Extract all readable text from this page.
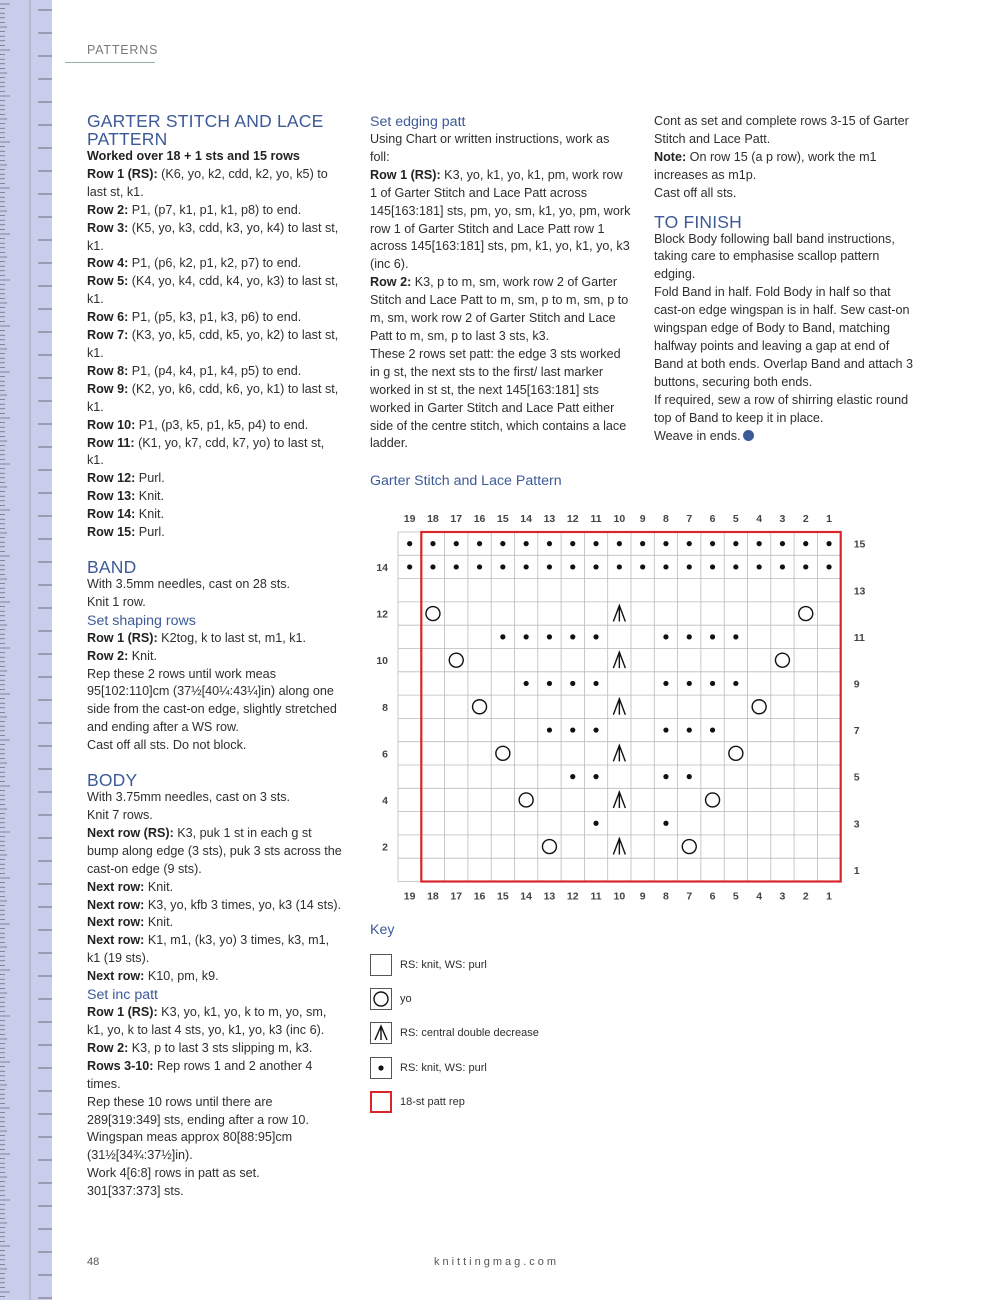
PATTERNS

GARTER STITCH AND LACE PATTERN

Worked over 18 + 1 sts and 15 rows

Row 1 (RS): (K6, yo, k2, cdd, k2, yo, k5) to last st, k1.

Row 2: P1, (p7, k1, p1, k1, p8) to end.

Row 3: (K5, yo, k3, cdd, k3, yo, k4) to last st, k1.

Row 4: P1, (p6, k2, p1, k2, p7) to end.

Row 5: (K4, yo, k4, cdd, k4, yo, k3) to last st, k1.

Row 6: P1, (p5, k3, p1, k3, p6) to end.

Row 7: (K3, yo, k5, cdd, k5, yo, k2) to last st, k1.

Row 8: P1, (p4, k4, p1, k4, p5) to end.

Row 9: (K2, yo, k6, cdd, k6, yo, k1) to last st, k1.

Row 10: P1, (p3, k5, p1, k5, p4) to end.

Row 11: (K1, yo, k7, cdd, k7, yo) to last st, k1.

Row 12: Purl.

Row 13: Knit.

Row 14: Knit.

Row 15: Purl.

BAND

With 3.5mm needles, cast on 28 sts.

Knit 1 row.

Set shaping rows

Row 1 (RS): K2tog, k to last st, m1, k1.

Row 2: Knit.

Rep these 2 rows until work meas 95[102:110]cm (37½[40¼:43¼]in) along one side from the cast-on edge, slightly stretched and ending after a WS row.

Cast off all sts. Do not block.

BODY

With 3.75mm needles, cast on 3 sts.

Knit 7 rows.

Next row (RS): K3, puk 1 st in each g st bump along edge (3 sts), puk 3 sts across the cast-on edge (9 sts).

Next row: Knit.

Next row: K3, yo, kfb 3 times, yo, k3 (14 sts).

Next row: Knit.

Next row: K1, m1, (k3, yo) 3 times, k3, m1, k1 (19 sts).

Next row: K10, pm, k9.

Set inc patt

Row 1 (RS): K3, yo, k1, yo, k to m, yo, sm, k1, yo, k to last 4 sts, yo, k1, yo, k3 (inc 6).

Row 2: K3, p to last 3 sts slipping m, k3.

Rows 3-10: Rep rows 1 and 2 another 4 times.

Rep these 10 rows until there are 289[319:349] sts, ending after a row 10.

Wingspan meas approx 80[88:95]cm (31½[34¾:37½]in).

Work 4[6:8] rows in patt as set.

301[337:373] sts.

Set edging patt

Using Chart or written instructions, work as foll:

Row 1 (RS): K3, yo, k1, yo, k1, pm, work row 1 of Garter Stitch and Lace Patt across 145[163:181] sts, pm, yo, sm, k1, yo, pm, work row 1 of Garter Stitch and Lace Patt row 1 across 145[163:181] sts, pm, k1, yo, k1, yo, k3 (inc 6).

Row 2: K3, p to m, sm, work row 2 of Garter Stitch and Lace Patt to m, sm, p to m, sm, p to m, sm, work row 2 of Garter Stitch and Lace Patt to m, sm, p to last 3 sts, k3.

These 2 rows set patt: the edge 3 sts worked in g st, the next sts to the first/ last marker worked in st st, the next 145[163:181] sts worked in Garter Stitch and Lace Patt either side of the centre stitch, which contains a lace ladder.

Cont as set and complete rows 3-15 of Garter Stitch and Lace Patt.

Note: On row 15 (a p row), work the m1 increases as m1p.

Cast off all sts.

TO FINISH

Block Body following ball band instructions, taking care to emphasise scallop pattern edging.

Fold Band in half. Fold Body in half so that cast-on edge wingspan is in half. Sew cast-on wingspan edge of Body to Band, matching halfway points and leaving a gap at end of Band at both ends. Overlap Band and attach 3 buttons, securing both ends.

If required, sew a row of shirring elastic round top of Band to keep it in place.

Weave in ends.

Garter Stitch and Lace Pattern
19
19
18
18
17
17
16
16
15
15
14
14
13
13
12
12
11
11
10
10
9
9
8
8
7
7
6
6
5
5
4
4
3
3
2
2
1
1
15
13
11
9
7
5
3
1
14
12
10
8
6
4
2
Key
RS: knit, WS: purl
yo
RS: central double decrease
RS: knit, WS: purl
18-st patt rep
48	knittingmag.com
